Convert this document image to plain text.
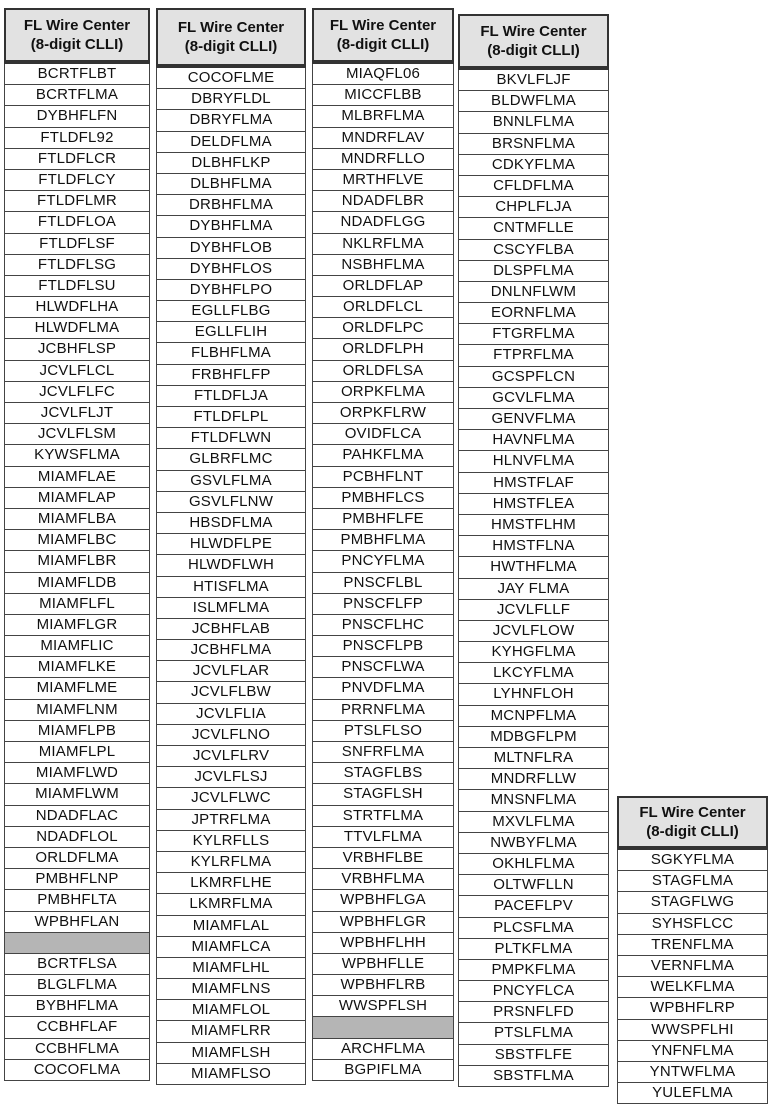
FL Wire Center
(8-digit CLLI)
BCRTFLBT
BCRTFLMA
DYBHFLFN
FTLDFL92
FTLDFLCR
FTLDFLCY
FTLDFLMR
FTLDFLOA
FTLDFLSF
FTLDFLSG
FTLDFLSU
HLWDFLHA
HLWDFLMA
JCBHFLSP
JCVLFLCL
JCVLFLFC
JCVLFLJT
JCVLFLSM
KYWSFLMA
MIAMFLAE
MIAMFLAP
MIAMFLBA
MIAMFLBC
MIAMFLBR
MIAMFLDB
MIAMFLFL
MIAMFLGR
MIAMFLIC
MIAMFLKE
MIAMFLME
MIAMFLNM
MIAMFLPB
MIAMFLPL
MIAMFLWD
MIAMFLWM
NDADFLAC
NDADFLOL
ORLDFLMA
PMBHFLNP
PMBHFLTA
WPBHFLAN
BCRTFLSA
BLGLFLMA
BYBHFLMA
CCBHFLAF
CCBHFLMA
COCOFLMA
FL Wire Center
(8-digit CLLI)
COCOFLME
DBRYFLDL
DBRYFLMA
DELDFLMA
DLBHFLKP
DLBHFLMA
DRBHFLMA
DYBHFLMA
DYBHFLOB
DYBHFLOS
DYBHFLPO
EGLLFLBG
EGLLFLIH
FLBHFLMA
FRBHFLFP
FTLDFLJA
FTLDFLPL
FTLDFLWN
GLBRFLMC
GSVLFLMA
GSVLFLNW
HBSDFLMA
HLWDFLPE
HLWDFLWH
HTISFLMA
ISLMFLMA
JCBHFLAB
JCBHFLMA
JCVLFLAR
JCVLFLBW
JCVLFLIA
JCVLFLNO
JCVLFLRV
JCVLFLSJ
JCVLFLWC
JPTRFLMA
KYLRFLLS
KYLRFLMA
LKMRFLHE
LKMRFLMA
MIAMFLAL
MIAMFLCA
MIAMFLHL
MIAMFLNS
MIAMFLOL
MIAMFLRR
MIAMFLSH
MIAMFLSO
FL Wire Center
(8-digit CLLI)
MIAQFL06
MICCFLBB
MLBRFLMA
MNDRFLAV
MNDRFLLO
MRTHFLVE
NDADFLBR
NDADFLGG
NKLRFLMA
NSBHFLMA
ORLDFLAP
ORLDFLCL
ORLDFLPC
ORLDFLPH
ORLDFLSA
ORPKFLMA
ORPKFLRW
OVIDFLCA
PAHKFLMA
PCBHFLNT
PMBHFLCS
PMBHFLFE
PMBHFLMA
PNCYFLMA
PNSCFLBL
PNSCFLFP
PNSCFLHC
PNSCFLPB
PNSCFLWA
PNVDFLMA
PRRNFLMA
PTSLFLSO
SNFRFLMA
STAGFLBS
STAGFLSH
STRTFLMA
TTVLFLMA
VRBHFLBE
VRBHFLMA
WPBHFLGA
WPBHFLGR
WPBHFLHH
WPBHFLLE
WPBHFLRB
WWSPFLSH
ARCHFLMA
BGPIFLMA
FL Wire Center
(8-digit CLLI)
BKVLFLJF
BLDWFLMA
BNNLFLMA
BRSNFLMA
CDKYFLMA
CFLDFLMA
CHPLFLJA
CNTMFLLE
CSCYFLBA
DLSPFLMA
DNLNFLWM
EORNFLMA
FTGRFLMA
FTPRFLMA
GCSPFLCN
GCVLFLMA
GENVFLMA
HAVNFLMA
HLNVFLMA
HMSTFLAF
HMSTFLEA
HMSTFLHM
HMSTFLNA
HWTHFLMA
JAY FLMA
JCVLFLLF
JCVLFLOW
KYHGFLMA
LKCYFLMA
LYHNFLOH
MCNPFLMA
MDBGFLPM
MLTNFLRA
MNDRFLLW
MNSNFLMA
MXVLFLMA
NWBYFLMA
OKHLFLMA
OLTWFLLN
PACEFLPV
PLCSFLMA
PLTKFLMA
PMPKFLMA
PNCYFLCA
PRSNFLFD
PTSLFLMA
SBSTFLFE
SBSTFLMA
FL Wire Center
(8-digit CLLI)
SGKYFLMA
STAGFLMA
STAGFLWG
SYHSFLCC
TRENFLMA
VERNFLMA
WELKFLMA
WPBHFLRP
WWSPFLHI
YNFNFLMA
YNTWFLMA
YULEFLMA
